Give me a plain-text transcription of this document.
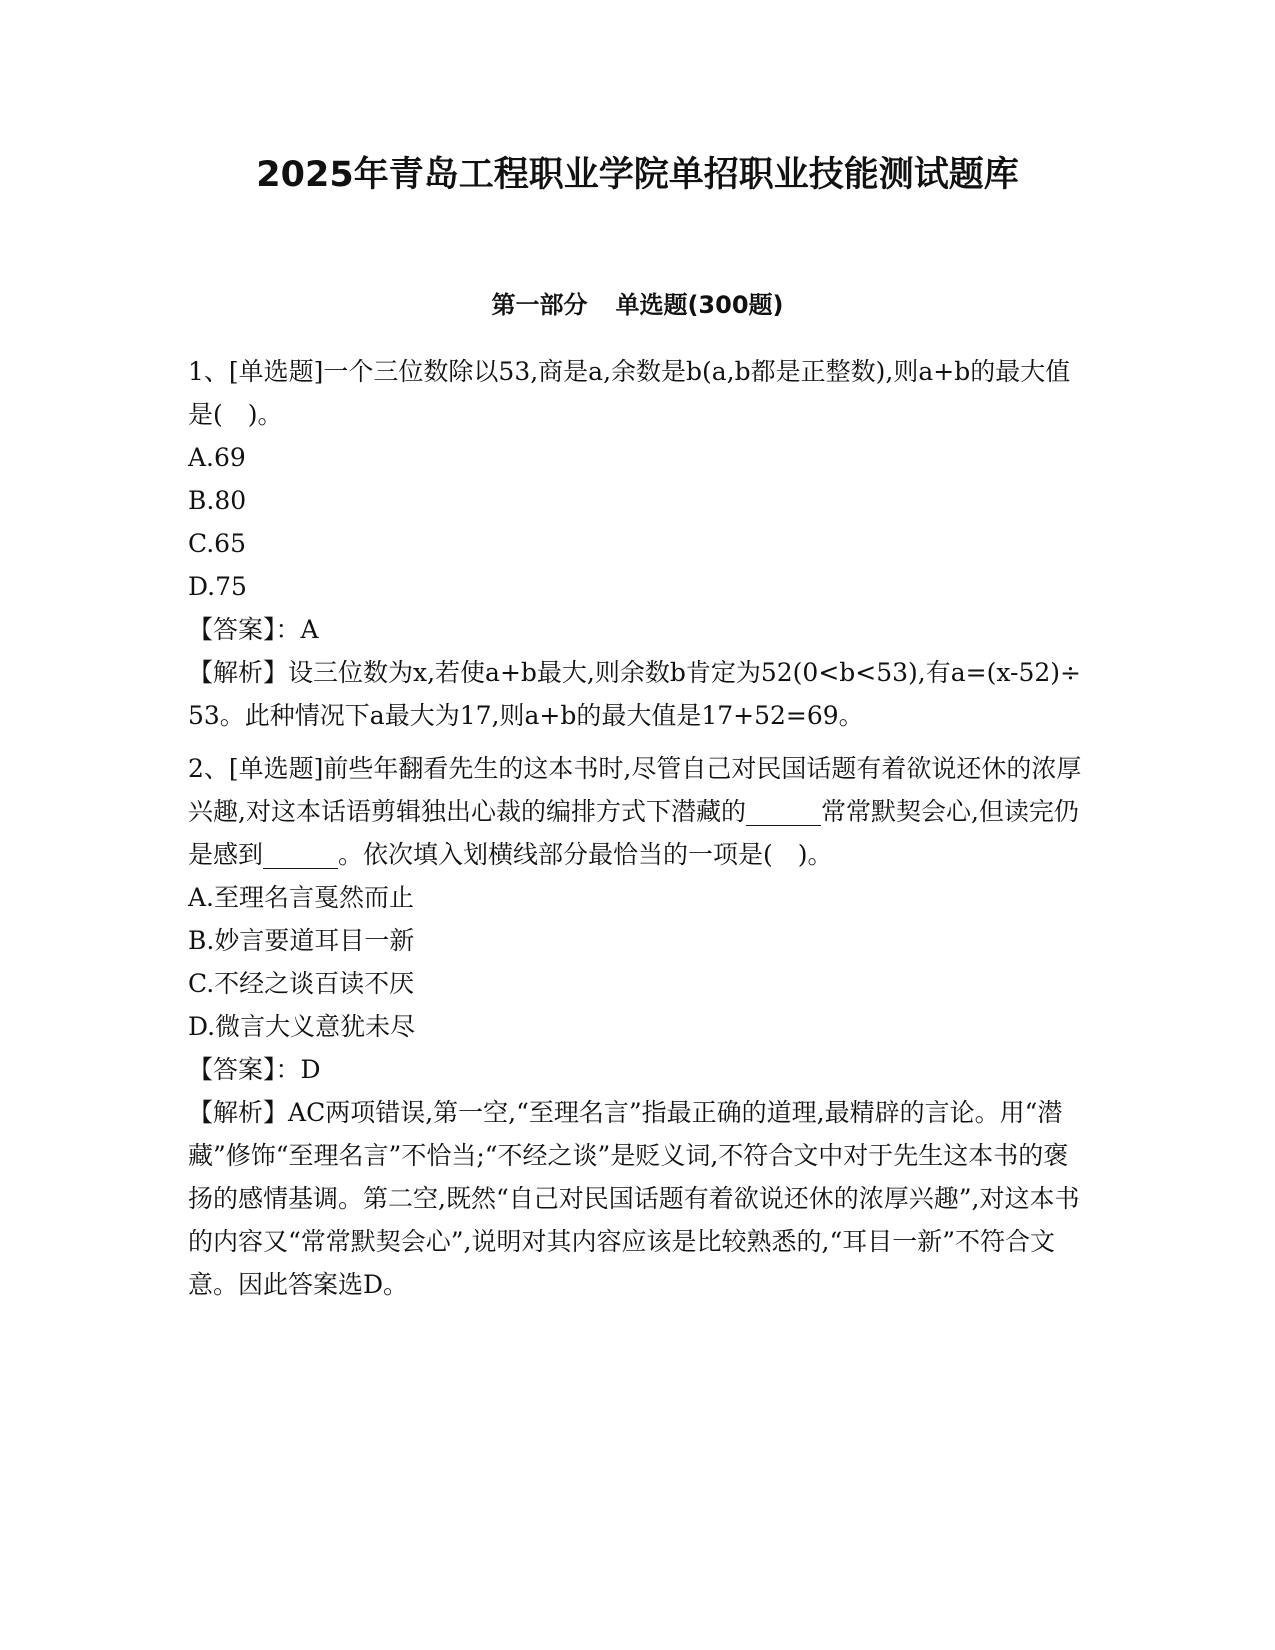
2025年青岛工程职业学院单招职业技能测试题库
第一部分 单选题(300题)

1、[单选题]一个三位数除以53,商是a,余数是b(a,b都是正整数),则a+b的最大值是(　)。

A.69
B.80
C.65
D.75

【答案】：A

【解析】设三位数为x,若使a+b最大,则余数b肯定为52(0<b<53),有a=(x-52)÷53。此种情况下a最大为17,则a+b的最大值是17+52=69。

2、[单选题]前些年翻看先生的这本书时,尽管自己对民国话题有着欲说还休的浓厚兴趣,对这本话语剪辑独出心裁的编排方式下潜藏的______常常默契会心,但读完仍是感到______。依次填入划横线部分最恰当的一项是(　)。

A.至理名言戛然而止
B.妙言要道耳目一新
C.不经之谈百读不厌
D.微言大义意犹未尽

【答案】：D

【解析】AC两项错误,第一空,“至理名言”指最正确的道理,最精辟的言论。用“潜藏”修饰“至理名言”不恰当;“不经之谈”是贬义词,不符合文中对于先生这本书的褒扬的感情基调。第二空,既然“自己对民国话题有着欲说还休的浓厚兴趣”,对这本书的内容又“常常默契会心”,说明对其内容应该是比较熟悉的,“耳目一新”不符合文意。因此答案选D。
